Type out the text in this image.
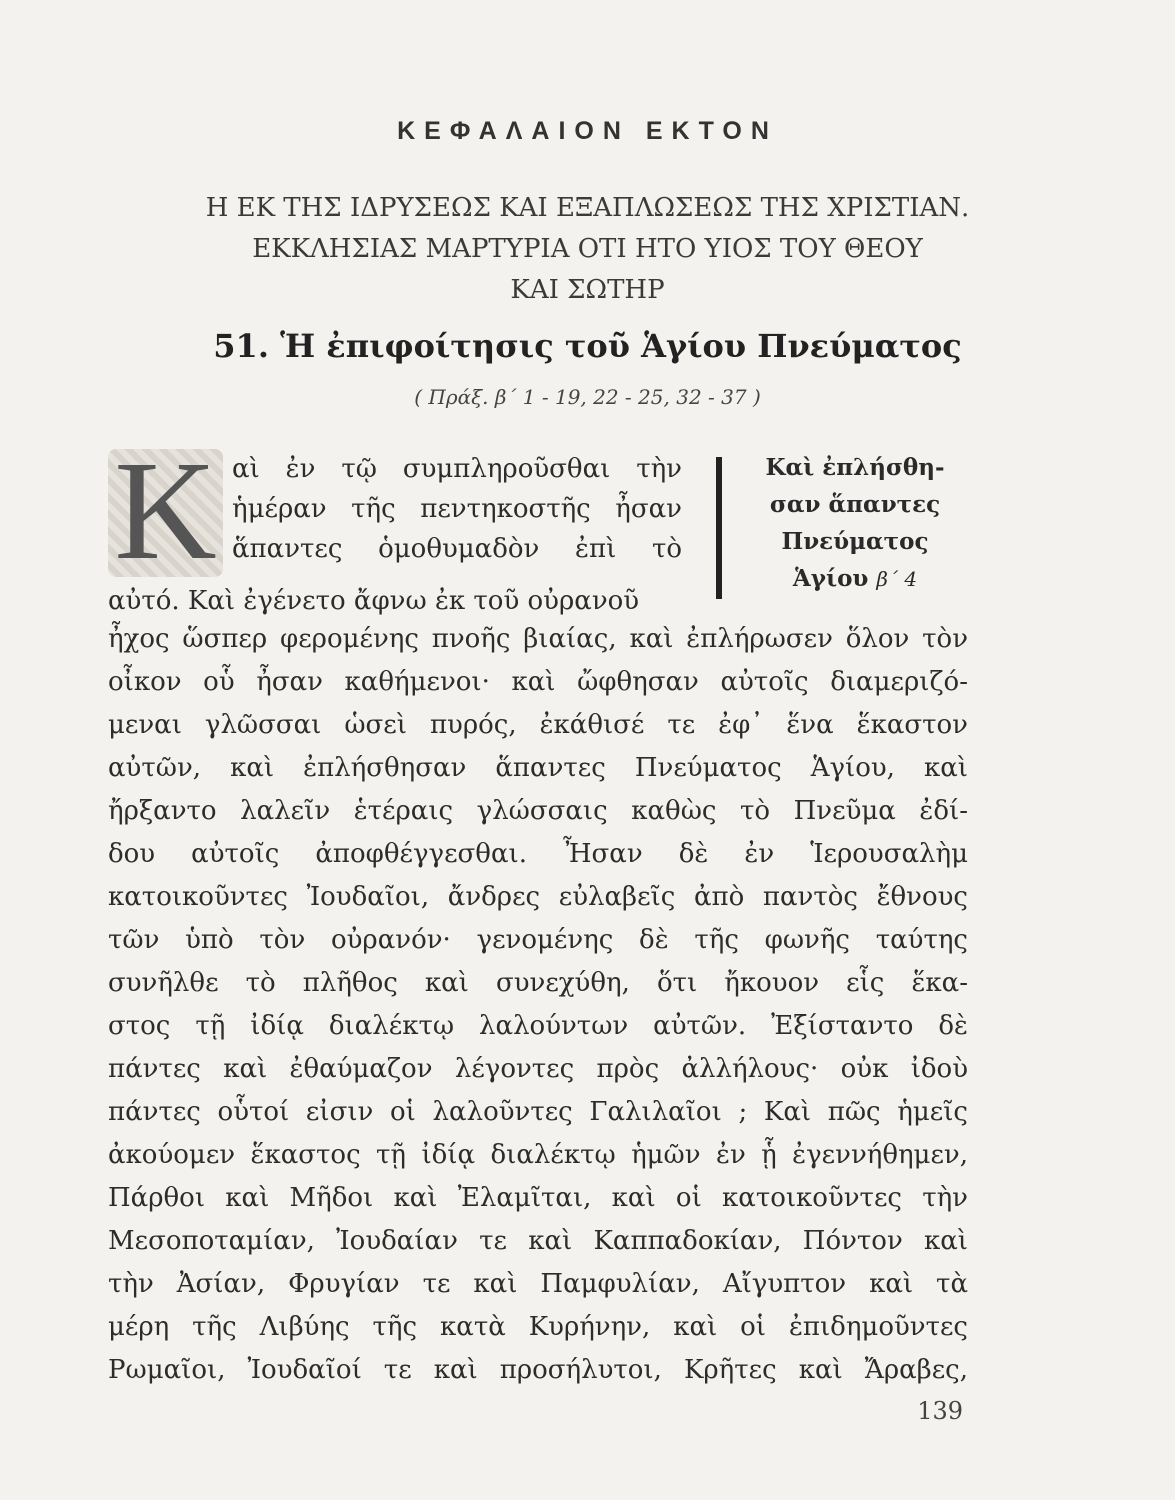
ΚΕΦΑΛΑΙΟΝ ΕΚΤΟΝ
Η ΕΚ ΤΗΣ ΙΔΡΥΣΕΩΣ ΚΑΙ ΕΞΑΠΛΩΣΕΩΣ ΤΗΣ ΧΡΙΣΤΙΑΝ.
ΕΚΚΛΗΣΙΑΣ ΜΑΡΤΥΡΙΑ ΟΤΙ ΗΤΟ ΥΙΟΣ ΤΟΥ ΘΕΟΥ
ΚΑΙ ΣΩΤΗΡ
51. Ἡ ἐπιφοίτησις τοῦ Ἁγίου Πνεύματος
( Πράξ. β΄ 1 - 19, 22 - 25, 32 - 37 )
Κ αὶ ἐν τῷ συμπληροῦσθαι τὴν
ἡμέραν τῆς πεντηκοστῆς ἦσαν
ἅπαντες ὁμοθυμαδὸν ἐπὶ τὸ
αὐτό. Καὶ ἐγένετο ἄφνω ἐκ τοῦ οὐρανοῦ
Καὶ ἐπλήσθη-
σαν ἅπαντες
Πνεύματος
Ἁγίου β΄ 4
ἦχος ὥσπερ φερομένης πνοῆς βιαίας, καὶ ἐπλήρωσεν ὅλον τὸν
οἶκον οὗ ἦσαν καθήμενοι· καὶ ὤφθησαν αὐτοῖς διαμεριζό-
μεναι γλῶσσαι ὡσεὶ πυρός, ἐκάθισέ τε ἐφ᾽ ἕνα ἕκαστον
αὐτῶν, καὶ ἐπλήσθησαν ἅπαντες Πνεύματος Ἁγίου, καὶ
ἤρξαντο λαλεῖν ἑτέραις γλώσσαις καθὼς τὸ Πνεῦμα ἐδί-
δου αὐτοῖς ἀποφθέγγεσθαι. Ἦσαν δὲ ἐν Ἱερουσαλὴμ
κατοικοῦντες Ἰουδαῖοι, ἄνδρες εὐλαβεῖς ἀπὸ παντὸς ἔθνους
τῶν ὑπὸ τὸν οὐρανόν· γενομένης δὲ τῆς φωνῆς ταύτης
συνῆλθε τὸ πλῆθος καὶ συνεχύθη, ὅτι ἤκουον εἷς ἕκα-
στος τῇ ἰδίᾳ διαλέκτῳ λαλούντων αὐτῶν. Ἐξίσταντο δὲ
πάντες καὶ ἐθαύμαζον λέγοντες πρὸς ἀλλήλους· οὐκ ἰδοὺ
πάντες οὗτοί εἰσιν οἱ λαλοῦντες Γαλιλαῖοι ; Καὶ πῶς ἡμεῖς
ἀκούομεν ἕκαστος τῇ ἰδίᾳ διαλέκτῳ ἡμῶν ἐν ᾗ ἐγεννήθημεν,
Πάρθοι καὶ Μῆδοι καὶ Ἐλαμῖται, καὶ οἱ κατοικοῦντες τὴν
Μεσοποταμίαν, Ἰουδαίαν τε καὶ Καππαδοκίαν, Πόντον καὶ
τὴν Ἀσίαν, Φρυγίαν τε καὶ Παμφυλίαν, Αἴγυπτον καὶ τὰ
μέρη τῆς Λιβύης τῆς κατὰ Κυρήνην, καὶ οἱ ἐπιδημοῦντες
Ρωμαῖοι, Ἰουδαῖοί τε καὶ προσήλυτοι, Κρῆτες καὶ Ἄραβες,
139
